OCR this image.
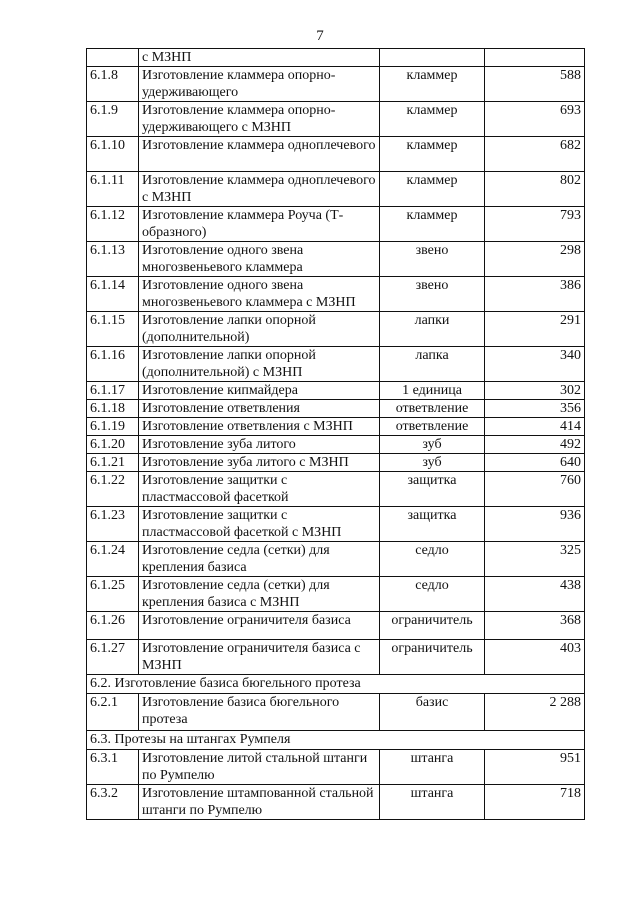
7
	с МЗНП		
6.1.8	Изготовление кламмера опорно-удерживающего	кламмер	588
6.1.9	Изготовление кламмера опорно-удерживающего с МЗНП	кламмер	693
6.1.10	Изготовление кламмера одноплечевого	кламмер	682
6.1.11	Изготовление кламмера одноплечевого с МЗНП	кламмер	802
6.1.12	Изготовление кламмера Роуча (Т-образного)	кламмер	793
6.1.13	Изготовление одного звена многозвеньевого кламмера	звено	298
6.1.14	Изготовление одного звена многозвеньевого кламмера с МЗНП	звено	386
6.1.15	Изготовление лапки опорной (дополнительной)	лапки	291
6.1.16	Изготовление лапки опорной (дополнительной) с МЗНП	лапка	340
6.1.17	Изготовление кипмайдера	1 единица	302
6.1.18	Изготовление ответвления	ответвление	356
6.1.19	Изготовление ответвления с МЗНП	ответвление	414
6.1.20	Изготовление зуба литого	зуб	492
6.1.21	Изготовление зуба литого с МЗНП	зуб	640
6.1.22	Изготовление защитки с пластмассовой фасеткой	защитка	760
6.1.23	Изготовление защитки с пластмассовой фасеткой с МЗНП	защитка	936
6.1.24	Изготовление седла (сетки) для крепления базиса	седло	325
6.1.25	Изготовление седла (сетки) для крепления базиса с МЗНП	седло	438
6.1.26	Изготовление ограничителя базиса	ограничитель	368
6.1.27	Изготовление ограничителя базиса с МЗНП	ограничитель	403
6.2. Изготовление базиса бюгельного протеза			
6.2.1	Изготовление базиса бюгельного протеза	базис	2 288
6.3. Протезы на штангах Румпеля			
6.3.1	Изготовление литой стальной штанги по Румпелю	штанга	951
6.3.2	Изготовление штампованной стальной штанги по Румпелю	штанга	718
